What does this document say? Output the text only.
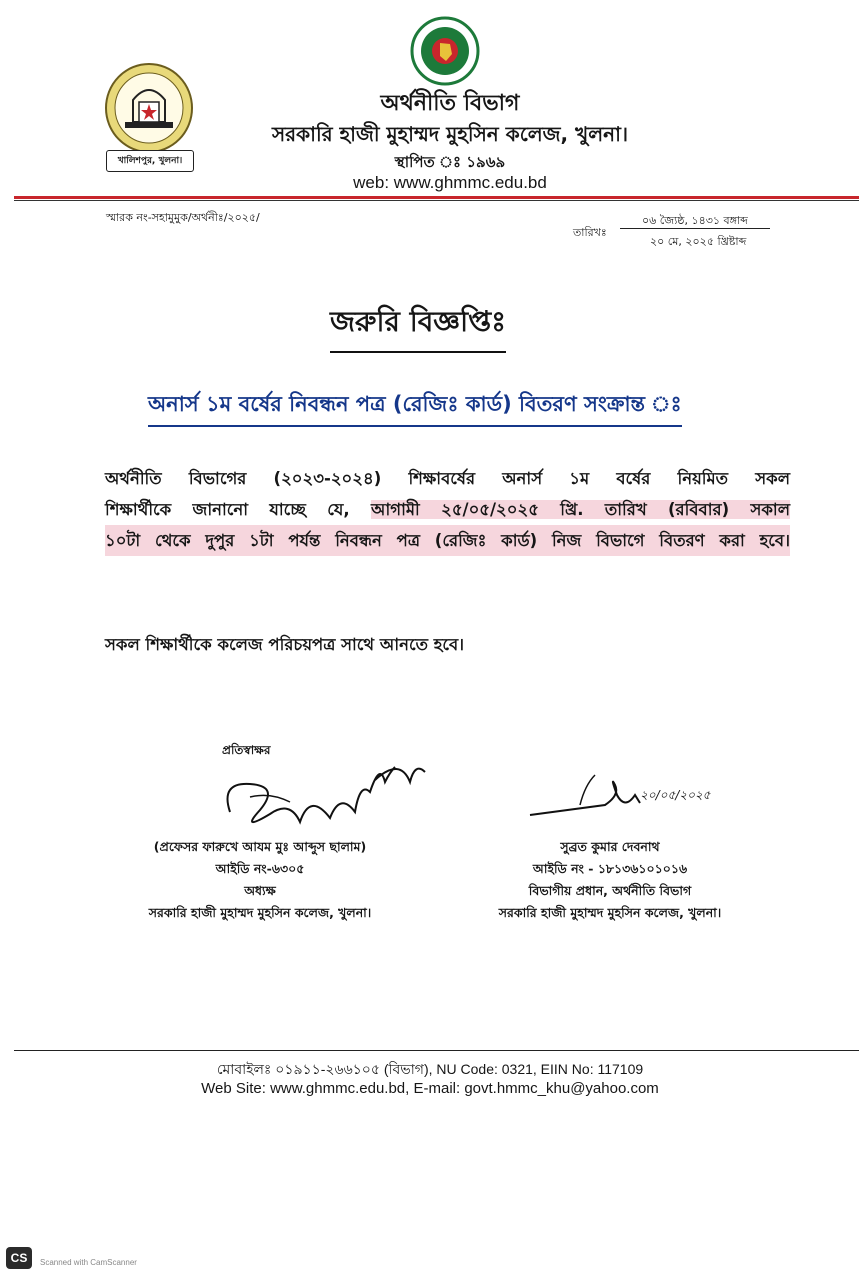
খালিশপুর, খুলনা।
অর্থনীতি বিভাগ
সরকারি হাজী মুহাম্মদ মুহসিন কলেজ, খুলনা।
স্থাপিত ঃ ১৯৬৯
web: www.ghmmc.edu.bd
স্মারক নং-সহামুমুক/অর্থনীঃ/২০২৫/
তারিখঃ
০৬ জ্যৈষ্ঠ, ১৪৩১ বঙ্গাব্দ
২০ মে, ২০২৫ খ্রিষ্টাব্দ
জরুরি বিজ্ঞপ্তিঃ
অনার্স ১ম বর্ষের নিবন্ধন পত্র (রেজিঃ কার্ড) বিতরণ সংক্রান্ত ঃ
অর্থনীতি বিভাগের (২০২৩-২০২৪) শিক্ষাবর্ষের অনার্স ১ম বর্ষের নিয়মিত সকল
শিক্ষার্থীকে জানানো যাচ্ছে যে, আগামী ২৫/০৫/২০২৫ খ্রি. তারিখ (রবিবার) সকাল
১০টা থেকে দুপুর ১টা পর্যন্ত নিবন্ধন পত্র (রেজিঃ কার্ড) নিজ বিভাগে বিতরণ করা হবে।
সকল শিক্ষার্থীকে কলেজ পরিচয়পত্র সাথে আনতে হবে।
প্রতিস্বাক্ষর
২০/০৫/২০২৫
(প্রফেসর ফারুখে আযম মুঃ আব্দুস ছালাম)
আইডি নং-৬৩০৫
অধ্যক্ষ
সরকারি হাজী মুহাম্মদ মুহসিন কলেজ, খুলনা।
সুব্রত কুমার দেবনাথ
আইডি নং - ১৮১৩৬১০১০১৬
বিভাগীয় প্রধান, অর্থনীতি বিভাগ
সরকারি হাজী মুহাম্মদ মুহসিন কলেজ, খুলনা।
মোবাইলঃ ০১৯১১-২৬৬১০৫ (বিভাগ), NU Code: 0321, EIIN No: 117109
Web Site: www.ghmmc.edu.bd, E-mail: govt.hmmc_khu@yahoo.com
CS	Scanned with CamScanner
